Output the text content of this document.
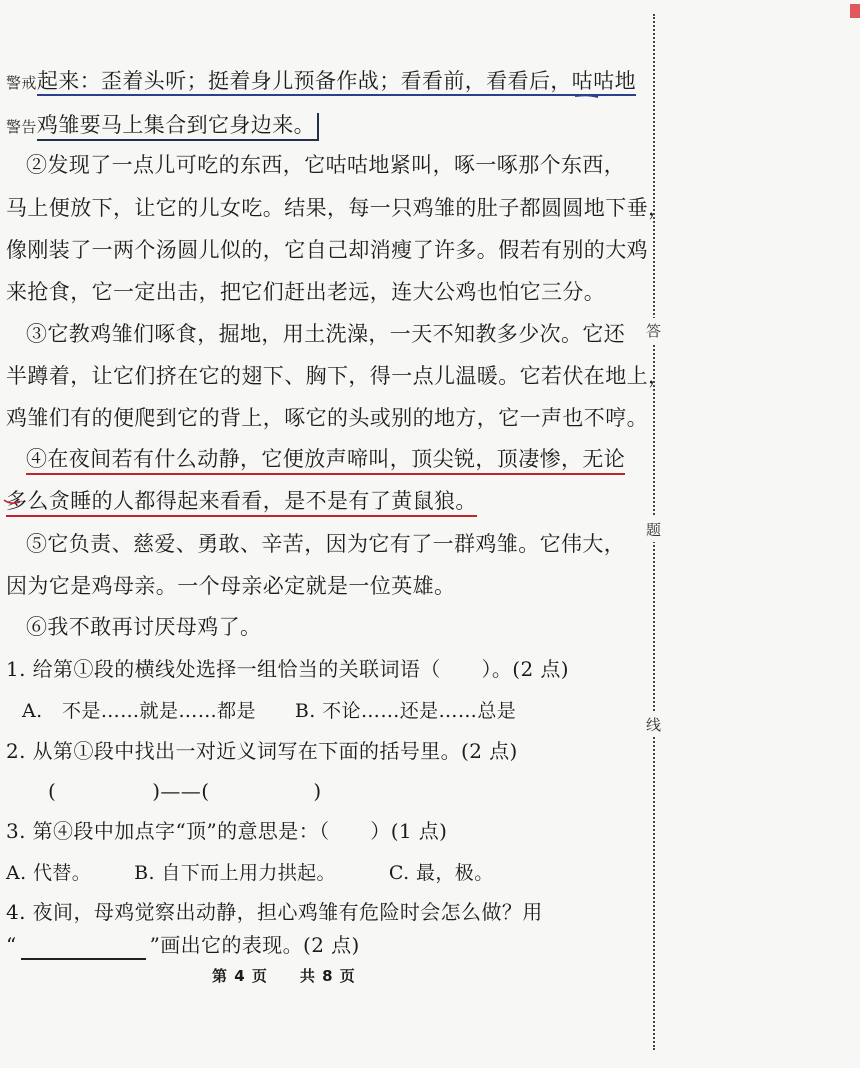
警戒起来：歪着头听；挺着身儿预备作战；看看前，看看后，咕咕地
警告鸡雏要马上集合到它身边来。
②发现了一点儿可吃的东西，它咕咕地紧叫，啄一啄那个东西，
马上便放下，让它的儿女吃。结果，每一只鸡雏的肚子都圆圆地下垂，
像刚装了一两个汤圆儿似的，它自己却消瘦了许多。假若有别的大鸡
来抢食，它一定出击，把它们赶出老远，连大公鸡也怕它三分。
③它教鸡雏们啄食，掘地，用土洗澡，一天不知教多少次。它还
半蹲着，让它们挤在它的翅下、胸下，得一点儿温暖。它若伏在地上，
鸡雏们有的便爬到它的背上，啄它的头或别的地方，它一声也不哼。
④在夜间若有什么动静，它便放声啼叫，顶尖锐，顶凄惨，无论
多么贪睡的人都得起来看看，是不是有了黄鼠狼。
⑤它负责、慈爱、勇敢、辛苦，因为它有了一群鸡雏。它伟大，
因为它是鸡母亲。一个母亲必定就是一位英雄。
⑥我不敢再讨厌母鸡了。
1. 给第①段的横线处选择一组恰当的关联词语（　　）。(2 点)
A.　不是……就是……都是 B. 不论……还是……总是
2. 从第①段中找出一对近义词写在下面的括号里。(2 点)
(	)——(	)
3. 第④段中加点字“顶”的意思是：（　　）(1 点)
A. 代替。 B. 自下而上用力拱起。	C. 最，极。
4. 夜间，母鸡觉察出动静，担心鸡雏有危险时会怎么做？用
“	”画出它的表现。(2 点)
第 4 页　　共 8 页
答
题
线
